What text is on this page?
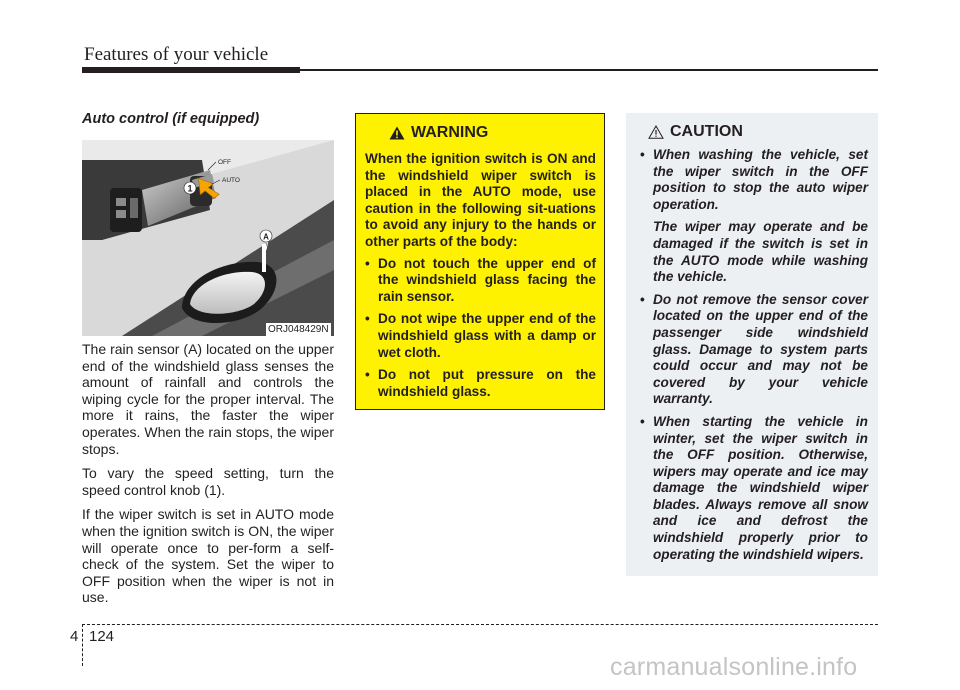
Features of your vehicle
Auto control (if equipped)
1
A
OFF
AUTO
ORJ048429N

The rain sensor (A) located on the upper end of the windshield glass senses the amount of rainfall and controls the wiping cycle for the proper interval. The more it rains, the faster the wiper operates. When the rain stops, the wiper stops.

To vary the speed setting, turn the speed control knob (1).

If the wiper switch is set in AUTO mode when the ignition switch is ON, the wiper will operate once to per-form a self-check of the system. Set the wiper to OFF position when the wiper is not in use.

WARNING

When the ignition switch is ON and the windshield wiper switch is placed in the AUTO mode, use caution in the following sit-uations to avoid any injury to the hands or other parts of the body:

• Do not touch the upper end of the windshield glass facing the rain sensor.
• Do not wipe the upper end of the windshield glass with a damp or wet cloth.
• Do not put pressure on the windshield glass.
CAUTION

• When washing the vehicle, set the wiper switch in the OFF position to stop the auto wiper operation.

The wiper may operate and be damaged if the switch is set in the AUTO mode while washing the vehicle.

• Do not remove the sensor cover located on the upper end of the passenger side windshield glass. Damage to system parts could occur and may not be covered by your vehicle warranty.

• When starting the vehicle in winter, set the wiper switch in the OFF position. Otherwise, wipers may operate and ice may damage the windshield wiper blades. Always remove all snow and ice and defrost the windshield properly prior to operating the windshield wipers.

4 124
carmanualsonline.info
